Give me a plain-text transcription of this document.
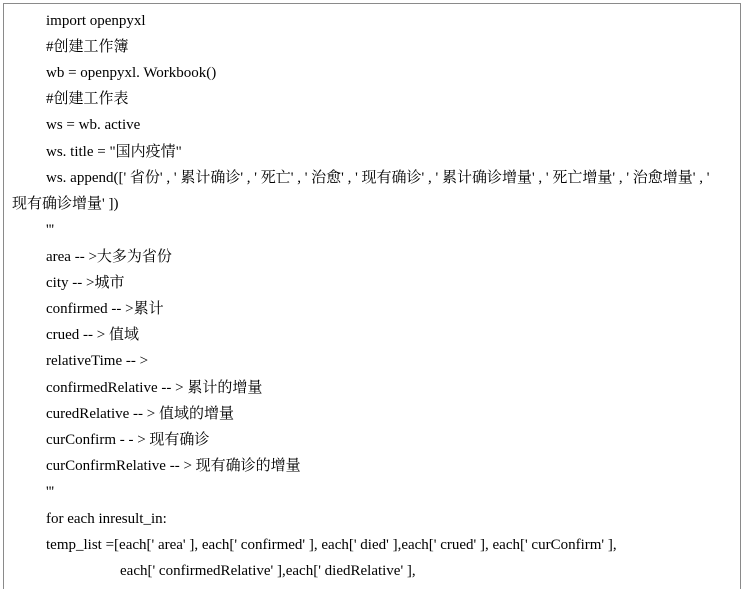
import openpyxl
#创建工作簿
wb = openpyxl. Workbook()
#创建工作表
ws = wb. active
ws. title = "国内疫情"
ws. append([' 省份' , ' 累计确诊' , ' 死亡' , ' 治愈' , ' 现有确诊' , ' 累计确诊增量' , ' 死亡增量' , ' 治愈增量' , '
现有确诊增量' ])
'''
area -- >大多为省份
city -- >城市
confirmed -- >累计
crued -- > 值域
relativeTime -- >
confirmedRelative -- > 累计的增量
curedRelative -- > 值域的增量
curConfirm - - > 现有确诊
curConfirmRelative -- > 现有确诊的增量
'''
for each inresult_in:
temp_list =[each[' area' ], each[' confirmed' ], each[' died' ],each[' crued' ], each[' curConfirm' ],
each[' confirmedRelative' ],each[' diedRelative' ],
